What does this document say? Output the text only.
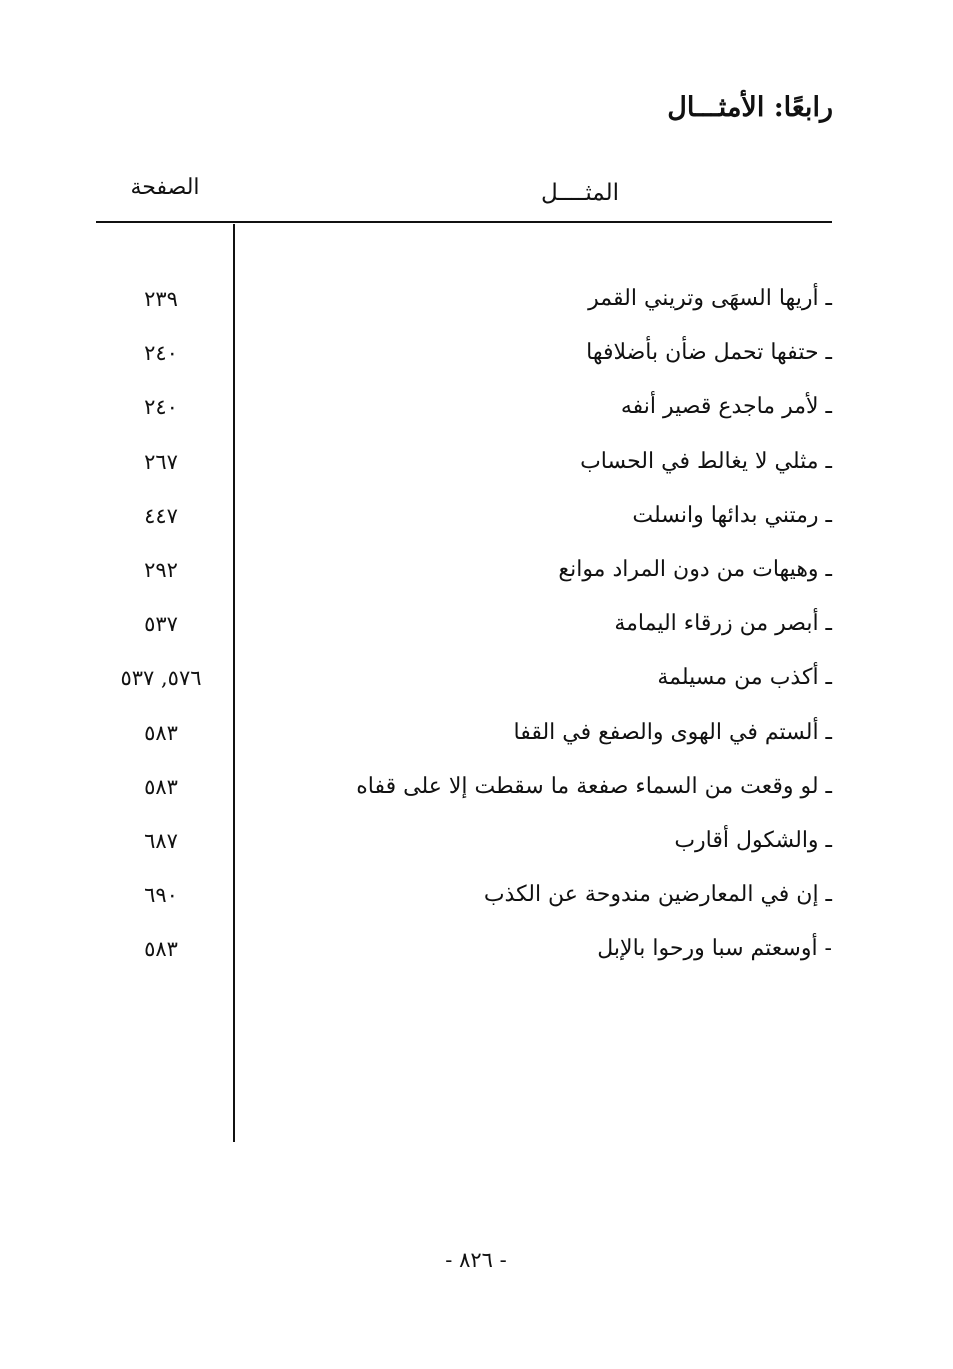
رابعًا: الأمثـــال
المثــــل
الصفحة
ـ أريها السهَى وتريني القمر
٢٣٩
ـ حتفها تحمل ضأن بأضلافها
٢٤٠
ـ لأمر ماجدع قصير أنفه
٢٤٠
ـ مثلي لا يغالط في الحساب
٢٦٧
ـ رمتني بدائها وانسلت
٤٤٧
ـ وهيهات من دون المراد موانع
٢٩٢
ـ أبصر من زرقاء اليمامة
٥٣٧
ـ أكذب من مسيلمة
٥٧٦, ٥٣٧
ـ ألستم في الهوى والصفع في القفا
٥٨٣
ـ لو وقعت من السماء صفعة ما سقطت إلا على قفاه
٥٨٣
ـ والشكول أقارب
٦٨٧
ـ إن في المعارضين مندوحة عن الكذب
٦٩٠
- أوسعتم سبا ورحوا بالإبل
٥٨٣
- ٨٢٦ -
